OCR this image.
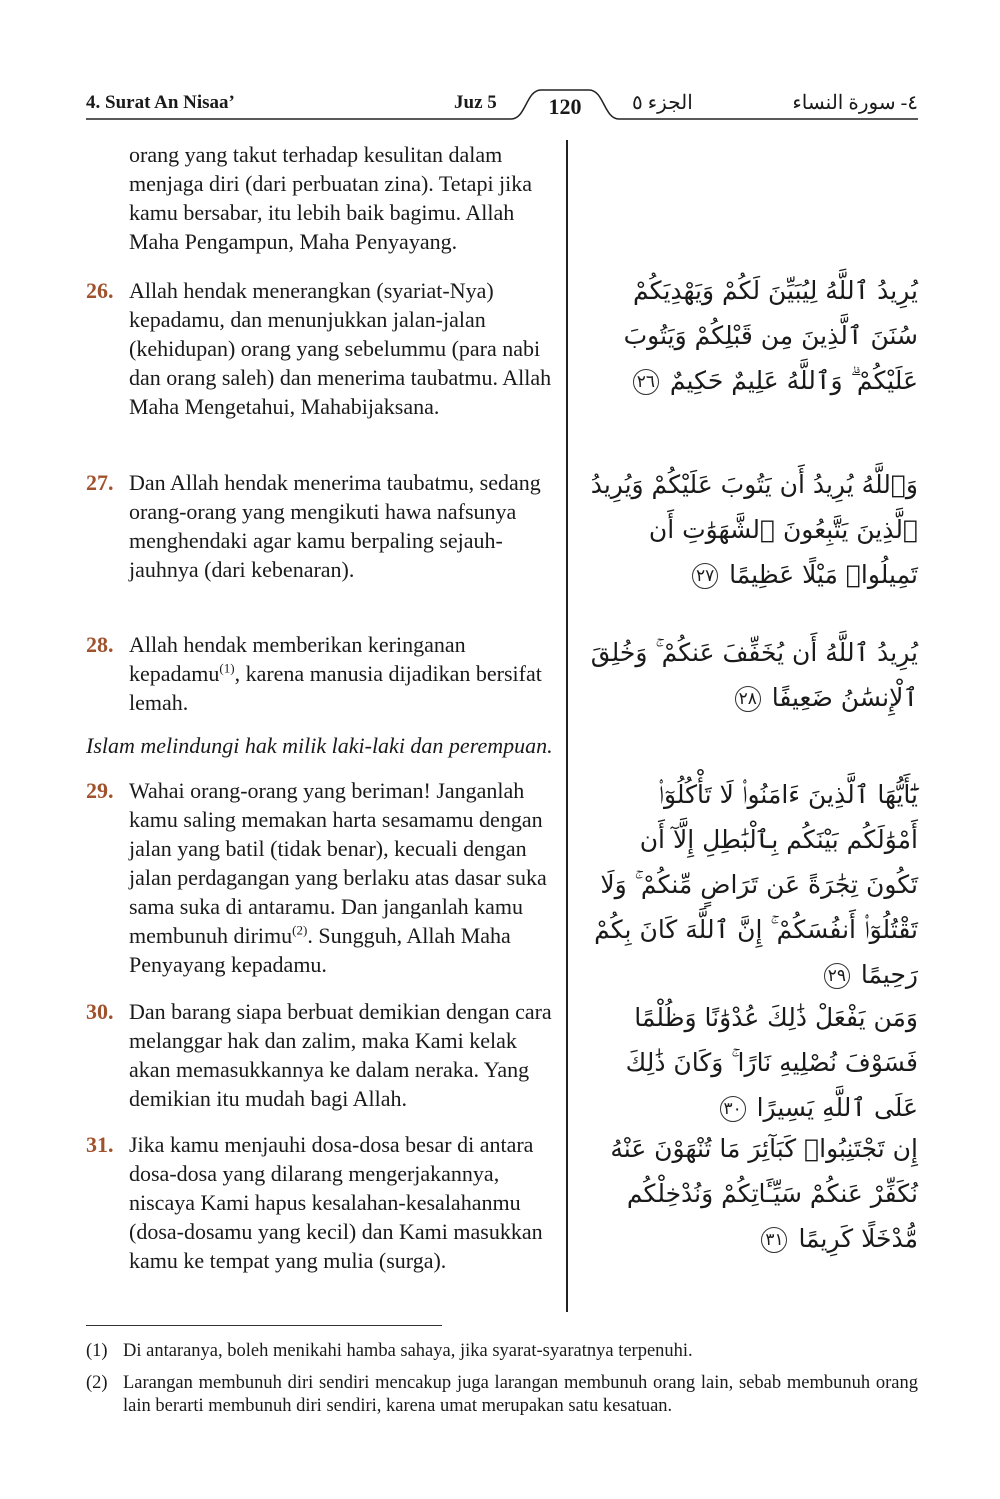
4. Surat An Nisaa’	Juz 5	120	الجزء ٥	٤- سورة النساء
orang yang takut terhadap kesulitan dalam menjaga diri (dari perbuatan zina). Tetapi jika kamu bersabar, itu lebih baik bagimu. Allah Maha Pengampun, Maha Penyayang.
26. Allah hendak menerangkan (syariat-Nya) kepadamu, dan menunjukkan jalan-jalan (kehidupan) orang yang sebelummu (para nabi dan orang saleh) dan menerima taubatmu. Allah Maha Mengetahui, Mahabijaksana.
يُرِيدُ ٱللَّهُ لِيُبَيِّنَ لَكُمْ وَيَهْدِيَكُمْ سُنَنَ ٱلَّذِينَ مِن قَبْلِكُمْ وَيَتُوبَ عَلَيْكُمْ ۗ وَٱللَّهُ عَلِيمٌ حَكِيمٌ ٢٦
27. Dan Allah hendak menerima taubatmu, sedang orang-orang yang mengikuti hawa nafsunya menghendaki agar kamu berpaling sejauh-jauhnya (dari kebenaran).
وَٱللَّهُ يُرِيدُ أَن يَتُوبَ عَلَيْكُمْ وَيُرِيدُ ٱلَّذِينَ يَتَّبِعُونَ ٱلشَّهَوَٰتِ أَن تَمِيلُوا۟ مَيْلًا عَظِيمًا ٢٧
28. Allah hendak memberikan keringanan kepadamu$^{(1)}$, karena manusia dijadikan bersifat lemah.
يُرِيدُ ٱللَّهُ أَن يُخَفِّفَ عَنكُمْ ۚ وَخُلِقَ ٱلْإِنسَٰنُ ضَعِيفًا ٢٨
Islam melindungi hak milik laki-laki dan perempuan.
29. Wahai orang-orang yang beriman! Janganlah kamu saling memakan harta sesamamu dengan jalan yang batil (tidak benar), kecuali dengan jalan perdagangan yang berlaku atas dasar suka sama suka di antaramu. Dan janganlah kamu membunuh dirimu$^{(2)}$. Sungguh, Allah Maha Penyayang kepadamu.
يَٰٓأَيُّهَا ٱلَّذِينَ ءَامَنُوا۟ لَا تَأْكُلُوٓا۟ أَمْوَٰلَكُم بَيْنَكُم بِٱلْبَٰطِلِ إِلَّآ أَن تَكُونَ تِجَٰرَةً عَن تَرَاضٍ مِّنكُمْ ۚ وَلَا تَقْتُلُوٓا۟ أَنفُسَكُمْ ۚ إِنَّ ٱللَّهَ كَانَ بِكُمْ رَحِيمًا ٢٩
30. Dan barang siapa berbuat demikian dengan cara melanggar hak dan zalim, maka Kami kelak akan memasukkannya ke dalam neraka. Yang demikian itu mudah bagi Allah.
وَمَن يَفْعَلْ ذَٰلِكَ عُدْوَٰنًا وَظُلْمًا فَسَوْفَ نُصْلِيهِ نَارًا ۚ وَكَانَ ذَٰلِكَ عَلَى ٱللَّهِ يَسِيرًا ٣٠
31. Jika kamu menjauhi dosa-dosa besar di antara dosa-dosa yang dilarang mengerjakannya, niscaya Kami hapus kesalahan-kesalahanmu (dosa-dosamu yang kecil) dan Kami masukkan kamu ke tempat yang mulia (surga).
إِن تَجْتَنِبُوا۟ كَبَآئِرَ مَا تُنْهَوْنَ عَنْهُ نُكَفِّرْ عَنكُمْ سَيِّـَٔاتِكُمْ وَنُدْخِلْكُم مُّدْخَلًا كَرِيمًا ٣١
(1) Di antaranya, boleh menikahi hamba sahaya, jika syarat-syaratnya terpenuhi.
(2) Larangan membunuh diri sendiri mencakup juga larangan membunuh orang lain, sebab membunuh orang lain berarti membunuh diri sendiri, karena umat merupakan satu kesatuan.
